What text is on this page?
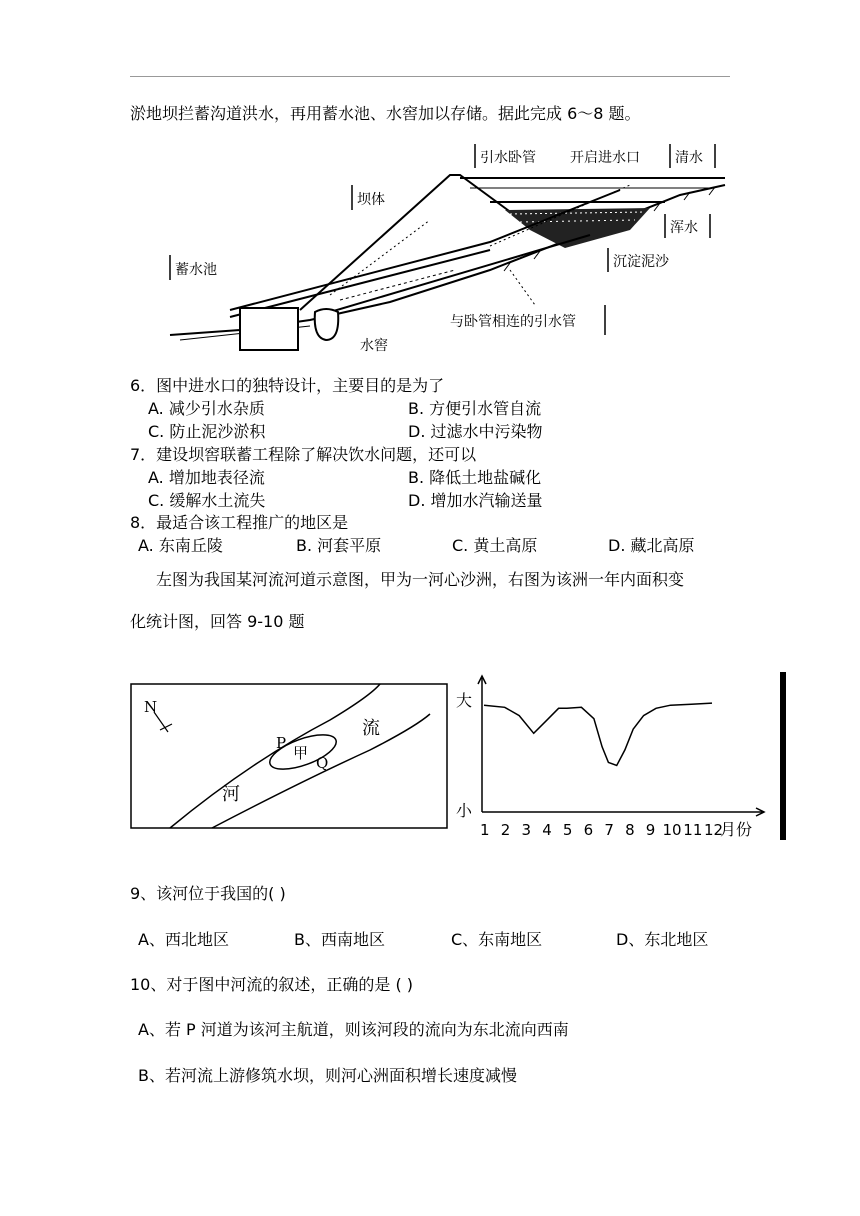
淤地坝拦蓄沟道洪水，再用蓄水池、水窖加以存储。据此完成 6～8 题。
引水卧管 开启进水口	清水
坝体
浑水
沉淀泥沙
蓄水池
与卧管相连的引水管
水窖
6．图中进水口的独特设计，主要目的是为了
A. 减少引水杂质	B. 方便引水管自流
C. 防止泥沙淤积	D. 过滤水中污染物
7．建设坝窖联蓄工程除了解决饮水问题，还可以
A. 增加地表径流	B. 降低土地盐碱化
C. 缓解水土流失	D. 增加水汽输送量
8．最适合该工程推广的地区是
A. 东南丘陵	B. 河套平原	C. 黄土高原	D. 藏北高原
左图为我国某河流河道示意图，甲为一河心沙洲，右图为该洲一年内面积变
化统计图，回答 9-10 题
N
流
河
甲
P
Q
大
小
1 2 3 4 5 6 7 8 9 10 11 12
月份
9、该河位于我国的( )
A、西北地区	B、西南地区	C、东南地区	D、东北地区
10、对于图中河流的叙述，正确的是 ( )
A、若 P 河道为该河主航道，则该河段的流向为东北流向西南
B、若河流上游修筑水坝，则河心洲面积增长速度减慢
